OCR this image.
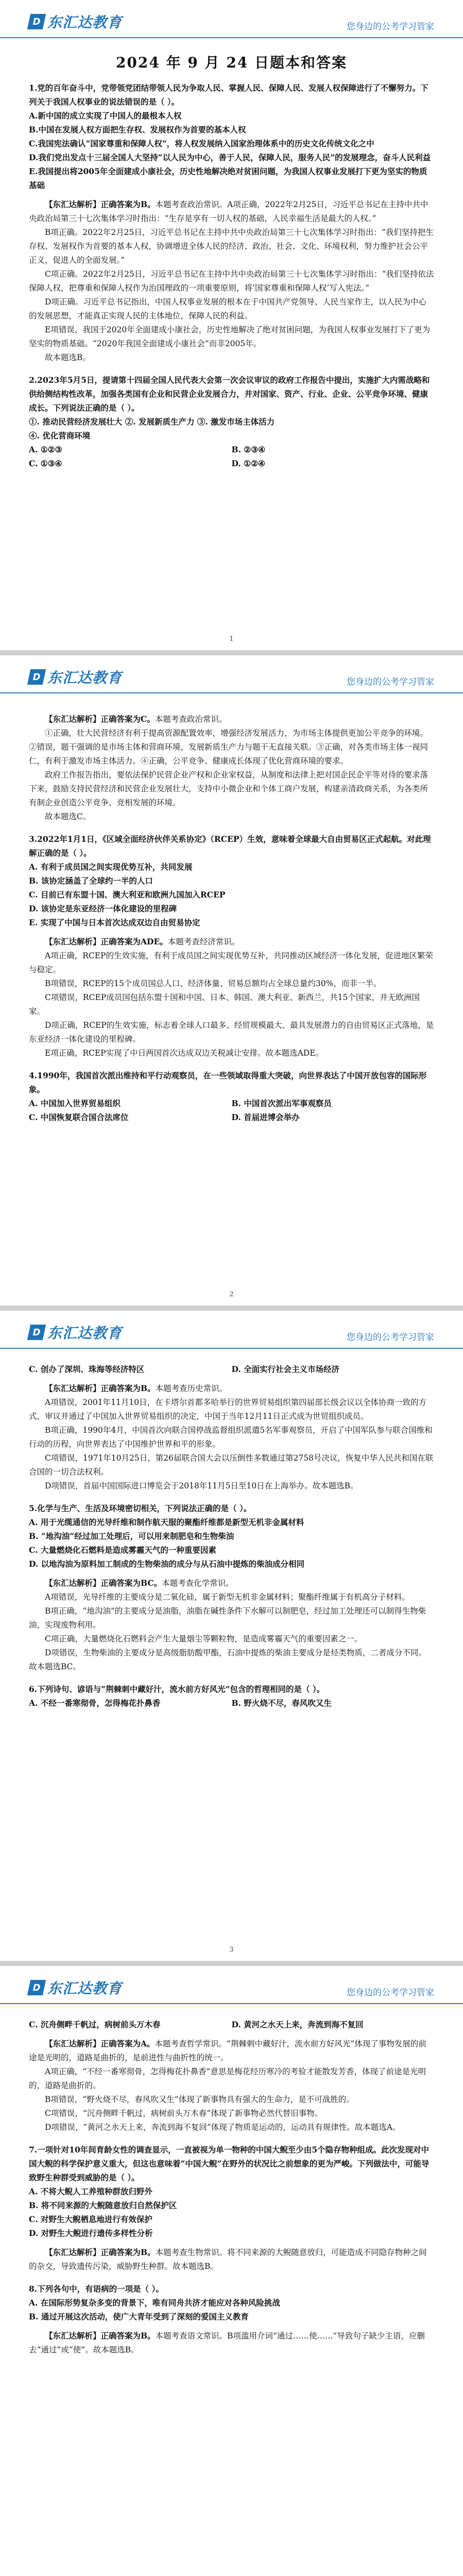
D 东汇达教育	您身边的公考学习管家
2024 年 9 月 24 日题本和答案
1.党的百年奋斗中，党带领党团结带领人民为争取人民、掌握人民、保障人民、发展人权保障进行了不懈努力。下列关于我国人权事业的说法错误的是（ ）。
A.新中国的成立实现了中国人的最根本人权
B.中国在发展人权方面把生存权、发展权作为首要的基本人权
C.我国宪法确认“国家尊重和保障人权”，将人权发展纳入国家治理体系中的历史文化传统文化之中
D.我们党出发点十三届全国人大坚持“以人民为中心，善于人民，保障人民，服务人民”的发展理念，奋斗人民利益
E.我国提出将2005年全面建成小康社会，历史性地解决绝对贫困问题，为我国人权事业发展打下更为坚实的物质基础
【东汇达解析】正确答案为B。本题考查政治常识。A项正确，2022年2月25日，习近平总书记在主持中共中央政治局第三十七次集体学习时指出：“生存是享有一切人权的基础，人民幸福生活是最大的人权。”
B项正确。2022年2月25日，习近平总书记在主持中共中央政治局第三十七次集体学习时指出：“我们坚持把生存权、发展权作为首要的基本人权，协调增进全体人民的经济、政治、社会、文化、环境权利，努力维护社会公平正义，促进人的全面发展。”
C项正确。2022年2月25日，习近平总书记在主持中共中央政治局第三十七次集体学习时指出：“我们坚持依法保障人权，把尊重和保障人权作为治国理政的一项重要原则，将‘国家尊重和保障人权’写入宪法。”
D项正确。习近平总书记指出，中国人权事业发展的根本在于中国共产党领导、人民当家作主，以人民为中心的发展思想，才能真正实现人民的主体地位，保障人民的利益。
E项错误，我国于2020年全面建成小康社会，历史性地解决了绝对贫困问题，为我国人权事业发展打下了更为坚实的物质基础。“2020年我国全面建成小康社会”而非2005年。
故本题选B。
2.2023年5月5日，提请第十四届全国人民代表大会第一次会议审议的政府工作报告中提出，实施扩大内需战略和供给侧结构性改革，加强各类国有企业和民营企业发展合力，并对国家、资产、行业、企业、公平竞争环境、健康成长。下列说法正确的是（ ）。
①. 推动民营经济发展壮大 ②. 发展新质生产力 ③. 激发市场主体活力
④. 优化营商环境
A. ①②③	B. ②③④
C. ①③④	D. ①②④
1
D 东汇达教育	您身边的公考学习管家
【东汇达解析】正确答案为C。本题考查政治常识。
①正确，壮大民营经济有利于提高资源配置效率，增强经济发展活力，为市场主体提供更加公平竞争的环境。②错误，题干强调的是市场主体和营商环境，发展新质生产力与题干无直接关联。③正确，对各类市场主体一视同仁，有利于激发市场主体活力。④正确，公平竞争、健康成长体现了优化营商环境的要求。
政府工作报告指出，要依法保护民营企业产权和企业家权益，从制度和法律上把对国企民企平等对待的要求落下来，鼓励支持民营经济和民营企业发展壮大，支持中小微企业和个体工商户发展，构建亲清政商关系，为各类所有制企业创造公平竞争、竞相发展的环境。
故本题选C。
3.2022年1月1日，《区域全面经济伙伴关系协定》（RCEP）生效，意味着全球最大自由贸易区正式起航。对此理解正确的是（ ）。
A. 有利于成员国之间实现优势互补，共同发展
B. 该协定涵盖了全球约一半的人口
C. 目前已有东盟十国、澳大利亚和欧洲九国加入RCEP
D. 该协定是东亚经济一体化建设的里程碑
E. 实现了中国与日本首次达成双边自由贸易协定
【东汇达解析】正确答案为ADE。本题考查经济常识。
A项正确，RCEP的生效实施，有利于成员国之间实现优势互补，共同推动区域经济一体化发展，促进地区繁荣与稳定。
B项错误，RCEP的15个成员国总人口、经济体量、贸易总额均占全球总量约30%，而非一半。
C项错误，RCEP成员国包括东盟十国和中国、日本、韩国、澳大利亚、新西兰，共15个国家，并无欧洲国家。
D项正确，RCEP的生效实施，标志着全球人口最多、经贸规模最大、最具发展潜力的自由贸易区正式落地，是东亚经济一体化建设的里程碑。
E项正确，RCEP实现了中日两国首次达成双边关税减让安排。故本题选ADE。
4.1990年，我国首次派出维持和平行动观察员，在一些领域取得重大突破，向世界表达了中国开放包容的国际形象。
A. 中国加入世界贸易组织	B. 中国首次派出军事观察员
C. 中国恢复联合国合法席位	D. 首届进博会举办
2
D 东汇达教育	您身边的公考学习管家
C. 创办了深圳、珠海等经济特区	D. 全面实行社会主义市场经济
【东汇达解析】正确答案为B。本题考查历史常识。
A项错误，2001年11月10日，在卡塔尔首都多哈举行的世界贸易组织第四届部长级会议以全体协商一致的方式，审议并通过了中国加入世界贸易组织的决定，中国于当年12月11日正式成为世贸组织成员。
B项正确，1990年4月，中国首次向联合国停战监督组织派遣5名军事观察员，开启了中国军队参与联合国维和行动的历程，向世界表达了中国维护世界和平的形象。
C项错误，1971年10月25日，第26届联合国大会以压倒性多数通过第2758号决议，恢复中华人民共和国在联合国的一切合法权利。
D项错误，首届中国国际进口博览会于2018年11月5日至10日在上海举办。故本题选B。
5.化学与生产、生活及环境密切相关，下列说法正确的是（ ）。
A. 用于光缆通信的光导纤维和制作航天服的聚酯纤维都是新型无机非金属材料
B. “地沟油”经过加工处理后，可以用来制肥皂和生物柴油
C. 大量燃烧化石燃料是造成雾霾天气的一种重要因素
D. 以地沟油为原料加工制成的生物柴油的成分与从石油中提炼的柴油成分相同
【东汇达解析】正确答案为BC。本题考查化学常识。
A项错误，光导纤维的主要成分是二氧化硅，属于新型无机非金属材料；聚酯纤维属于有机高分子材料。
B项正确，“地沟油”的主要成分是油脂，油脂在碱性条件下水解可以制肥皂，经过加工处理还可以制得生物柴油，实现废物利用。
C项正确，大量燃烧化石燃料会产生大量烟尘等颗粒物，是造成雾霾天气的重要因素之一。
D项错误，生物柴油的主要成分是高级脂肪酸甲酯，石油中提炼的柴油主要成分是烃类物质，二者成分不同。故本题选BC。
6.下列诗句、谚语与“荆棘刺中藏好汁，流水前方好风光”包含的哲理相同的是（ ）。
A. 不经一番寒彻骨，怎得梅花扑鼻香	B. 野火烧不尽，春风吹又生
3
D 东汇达教育	您身边的公考学习管家
C. 沉舟侧畔千帆过，病树前头万木春	D. 黄河之水天上来，奔流到海不复回
【东汇达解析】正确答案为A。本题考查哲学常识。“荆棘刺中藏好汁，流水前方好风光”体现了事物发展的前途是光明的，道路是曲折的，是前进性与曲折性的统一。
A项正确，“不经一番寒彻骨，怎得梅花扑鼻香”意思是梅花经历寒冷的考验才能散发芳香，体现了前途是光明的，道路是曲折的。
B项错误，“野火烧不尽，春风吹又生”体现了新事物具有强大的生命力，是不可战胜的。
C项错误，“沉舟侧畔千帆过，病树前头万木春”体现了新事物必然代替旧事物。
D项错误，“黄河之水天上来，奔流到海不复回”体现了物质是运动的，运动具有规律性。故本题选A。
7.一项针对10年间育龄女性的调查显示，一直被视为单一物种的中国大鲵至少由5个隐存物种组成。此次发现对中国大鲵的科学保护意义重大，但这也意味着“中国大鲵”在野外的状况比之前想象的更为严峻。下列做法中，可能导致野生种群受到威胁的是（ ）。
A. 不将大鲵人工养殖种群放归野外
B. 将不同来源的大鲵随意放归自然保护区
C. 对野生大鲵栖息地进行有效保护
D. 对野生大鲵进行遗传多样性分析
【东汇达解析】正确答案为B。本题考查生物常识。将不同来源的大鲵随意放归，可能造成不同隐存物种之间的杂交，导致遗传污染，威胁野生种群。故本题选B。
8.下列各句中，有语病的一项是（ ）。
A. 在国际形势复杂多变的背景下，唯有同舟共济才能应对各种风险挑战
B. 通过开展这次活动，使广大青年受到了深刻的爱国主义教育
【东汇达解析】正确答案为B。本题考查语文常识。B项滥用介词“通过……使……”导致句子缺少主语，应删去“通过”或“使”。故本题选B。
